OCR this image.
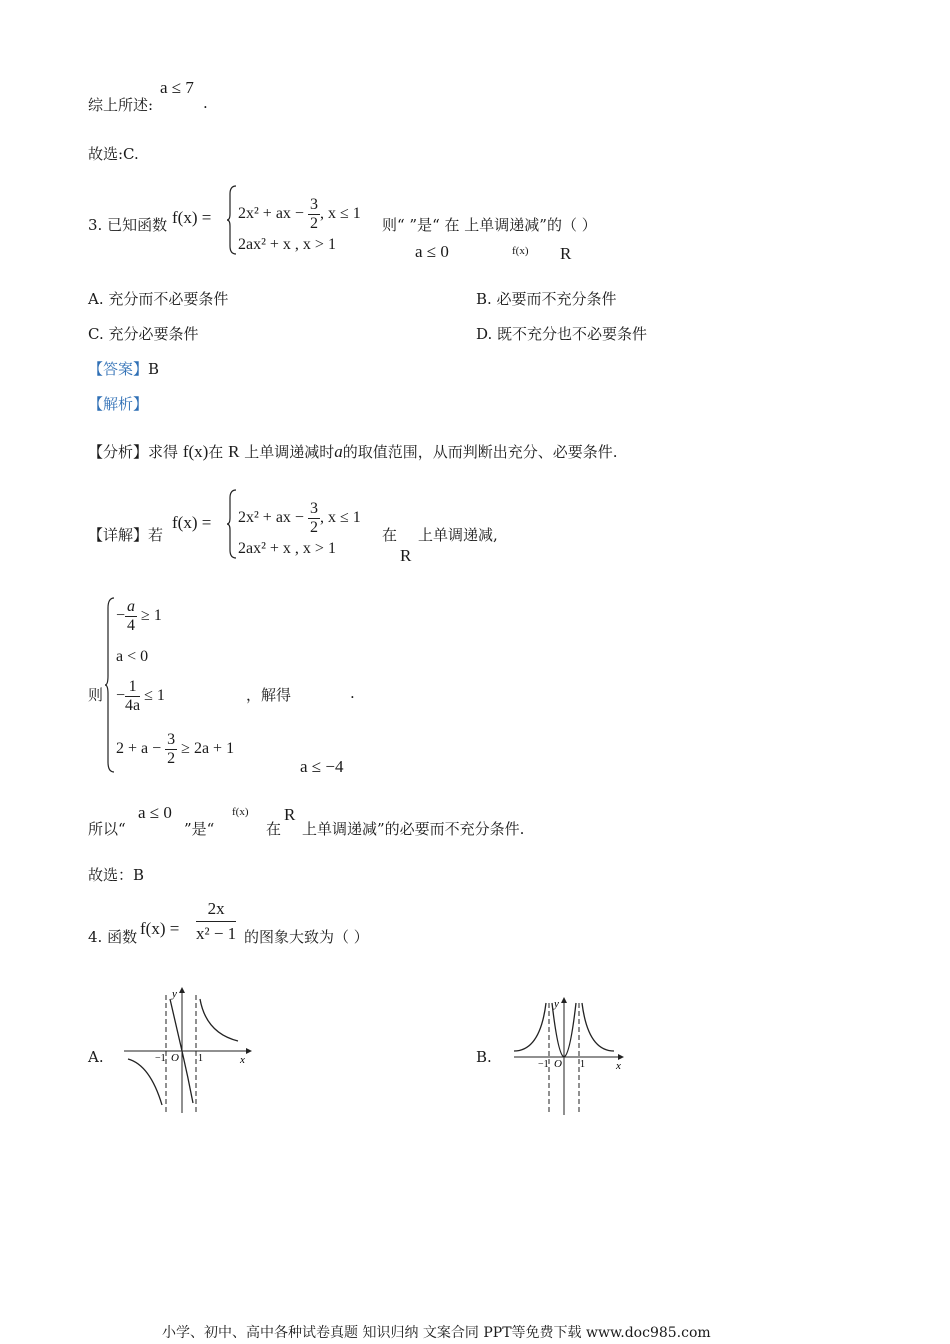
综上所述:
a ≤ 7
.
故选:C.
3. 已知函数 f(x) = 2x² + ax − $\frac{3}{2}$ , x ≤ 1
2ax² + x , x > 1
则“ ”是“ 在 上单调递减”的（ ）
a ≤ 0	f(x) R
A. 充分而不必要条件	B. 必要而不充分条件
C. 充分必要条件	D. 既不充分也不必要条件
【答案】B
【解析】
【分析】求得 f(x)在 R 上单调递减时a的取值范围，从而判断出充分、必要条件.
【详解】若
f(x) = 2x² + ax − $\frac{3}{2}$ , x ≤ 1
2ax² + x , x > 1
在
R
上单调递减,
则
− $\frac{a}{4} \ge 1$
a < 0
− $\frac{1}{4a} \le 1$
$2 + a - \frac{3}{2} \ge 2a + 1$
，解得	.
a ≤ −4
所以“
a ≤ 0
”是“
f(x)
在
R
上单调递减”的必要而不充分条件.
故选：B
4. 函数 $f(x) = \frac{2x}{\text{x² − 1}}$ 的图象大致为（ ）
A.	B.
y
x
O
−1	1
y
x
O
−1	1
小学、初中、高中各种试卷真题 知识归纳 文案合同 PPT等免费下载 www.doc985.com
